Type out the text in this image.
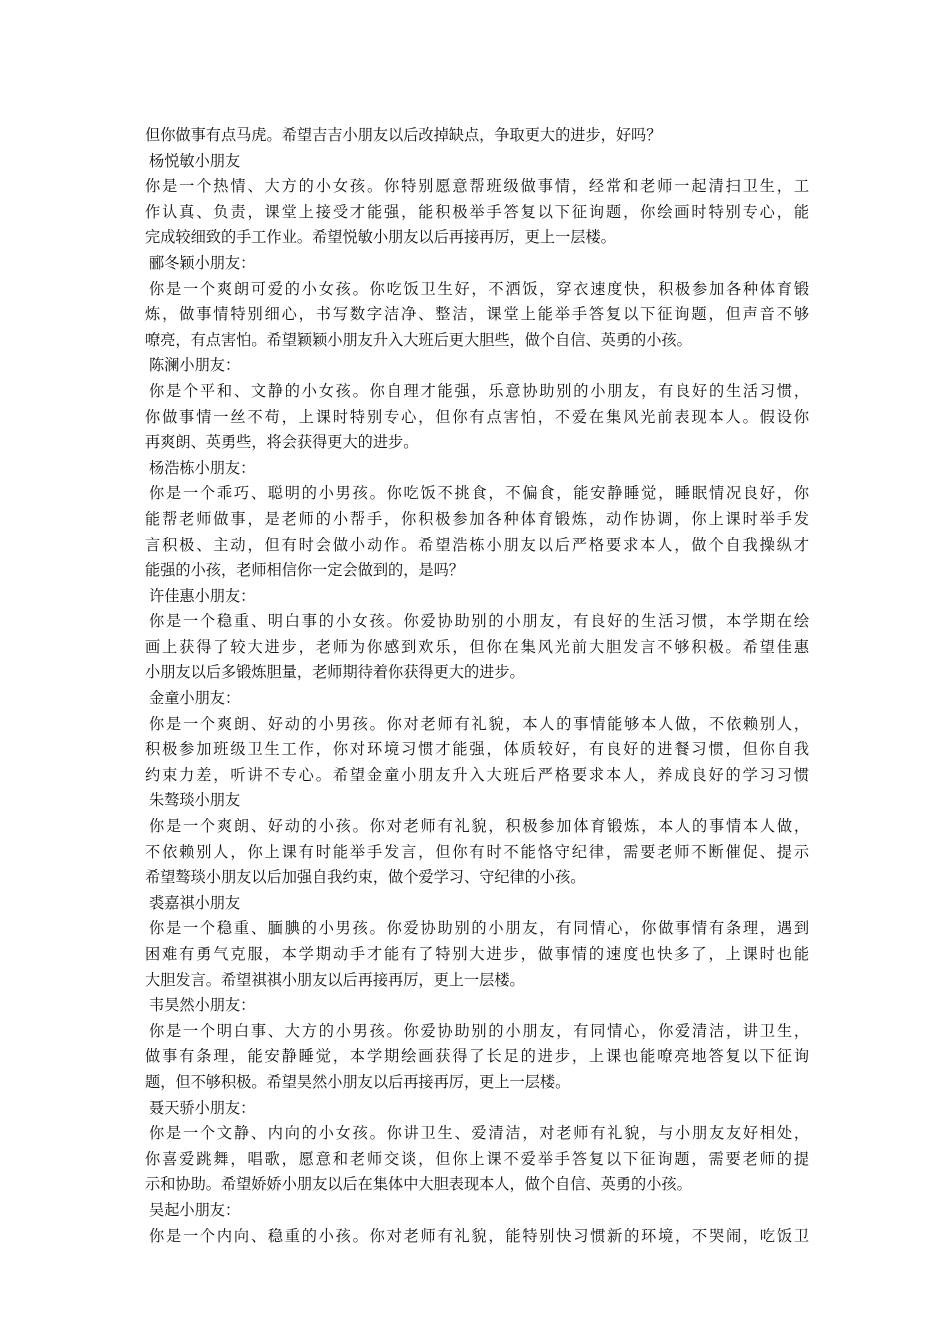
但你做事有点马虎。希望吉吉小朋友以后改掉缺点，争取更大的进步，好吗？
杨悦敏小朋友
你是一个热情、大方的小女孩。你特别愿意帮班级做事情，经常和老师一起清扫卫生，工
作认真、负责，课堂上接受才能强，能积极举手答复以下征询题，你绘画时特别专心，能
完成较细致的手工作业。希望悦敏小朋友以后再接再厉，更上一层楼。
郦冬颖小朋友：
你是一个爽朗可爱的小女孩。你吃饭卫生好，不洒饭，穿衣速度快，积极参加各种体育锻
炼，做事情特别细心，书写数字洁净、整洁，课堂上能举手答复以下征询题，但声音不够
嘹亮，有点害怕。希望颖颖小朋友升入大班后更大胆些，做个自信、英勇的小孩。
陈澜小朋友：
你是个平和、文静的小女孩。你自理才能强，乐意协助别的小朋友，有良好的生活习惯，
你做事情一丝不苟，上课时特别专心，但你有点害怕，不爱在集风光前表现本人。假设你
再爽朗、英勇些，将会获得更大的进步。
杨浩栋小朋友：
你是一个乖巧、聪明的小男孩。你吃饭不挑食，不偏食，能安静睡觉，睡眠情况良好，你
能帮老师做事，是老师的小帮手，你积极参加各种体育锻炼，动作协调，你上课时举手发
言积极、主动，但有时会做小动作。希望浩栋小朋友以后严格要求本人，做个自我操纵才
能强的小孩，老师相信你一定会做到的，是吗？
许佳惠小朋友：
你是一个稳重、明白事的小女孩。你爱协助别的小朋友，有良好的生活习惯，本学期在绘
画上获得了较大进步，老师为你感到欢乐，但你在集风光前大胆发言不够积极。希望佳惠
小朋友以后多锻炼胆量，老师期待着你获得更大的进步。
金童小朋友：
你是一个爽朗、好动的小男孩。你对老师有礼貌，本人的事情能够本人做，不依赖别人，
积极参加班级卫生工作，你对环境习惯才能强，体质较好，有良好的进餐习惯，但你自我
约束力差，听讲不专心。希望金童小朋友升入大班后严格要求本人，养成良好的学习习惯
朱骜琰小朋友
你是一个爽朗、好动的小孩。你对老师有礼貌，积极参加体育锻炼，本人的事情本人做，
不依赖别人，你上课有时能举手发言，但你有时不能恪守纪律，需要老师不断催促、提示
希望骜琰小朋友以后加强自我约束，做个爱学习、守纪律的小孩。
裘嘉祺小朋友
你是一个稳重、腼腆的小男孩。你爱协助别的小朋友，有同情心，你做事情有条理，遇到
困难有勇气克服，本学期动手才能有了特别大进步，做事情的速度也快多了，上课时也能
大胆发言。希望祺祺小朋友以后再接再厉，更上一层楼。
韦昊然小朋友：
你是一个明白事、大方的小男孩。你爱协助别的小朋友，有同情心，你爱清洁，讲卫生，
做事有条理，能安静睡觉，本学期绘画获得了长足的进步，上课也能嘹亮地答复以下征询
题，但不够积极。希望昊然小朋友以后再接再厉，更上一层楼。
聂天骄小朋友：
你是一个文静、内向的小女孩。你讲卫生、爱清洁，对老师有礼貌，与小朋友友好相处，
你喜爱跳舞，唱歌，愿意和老师交谈，但你上课不爱举手答复以下征询题，需要老师的提
示和协助。希望娇娇小朋友以后在集体中大胆表现本人，做个自信、英勇的小孩。
吴起小朋友：
你是一个内向、稳重的小孩。你对老师有礼貌，能特别快习惯新的环境，不哭闹，吃饭卫
